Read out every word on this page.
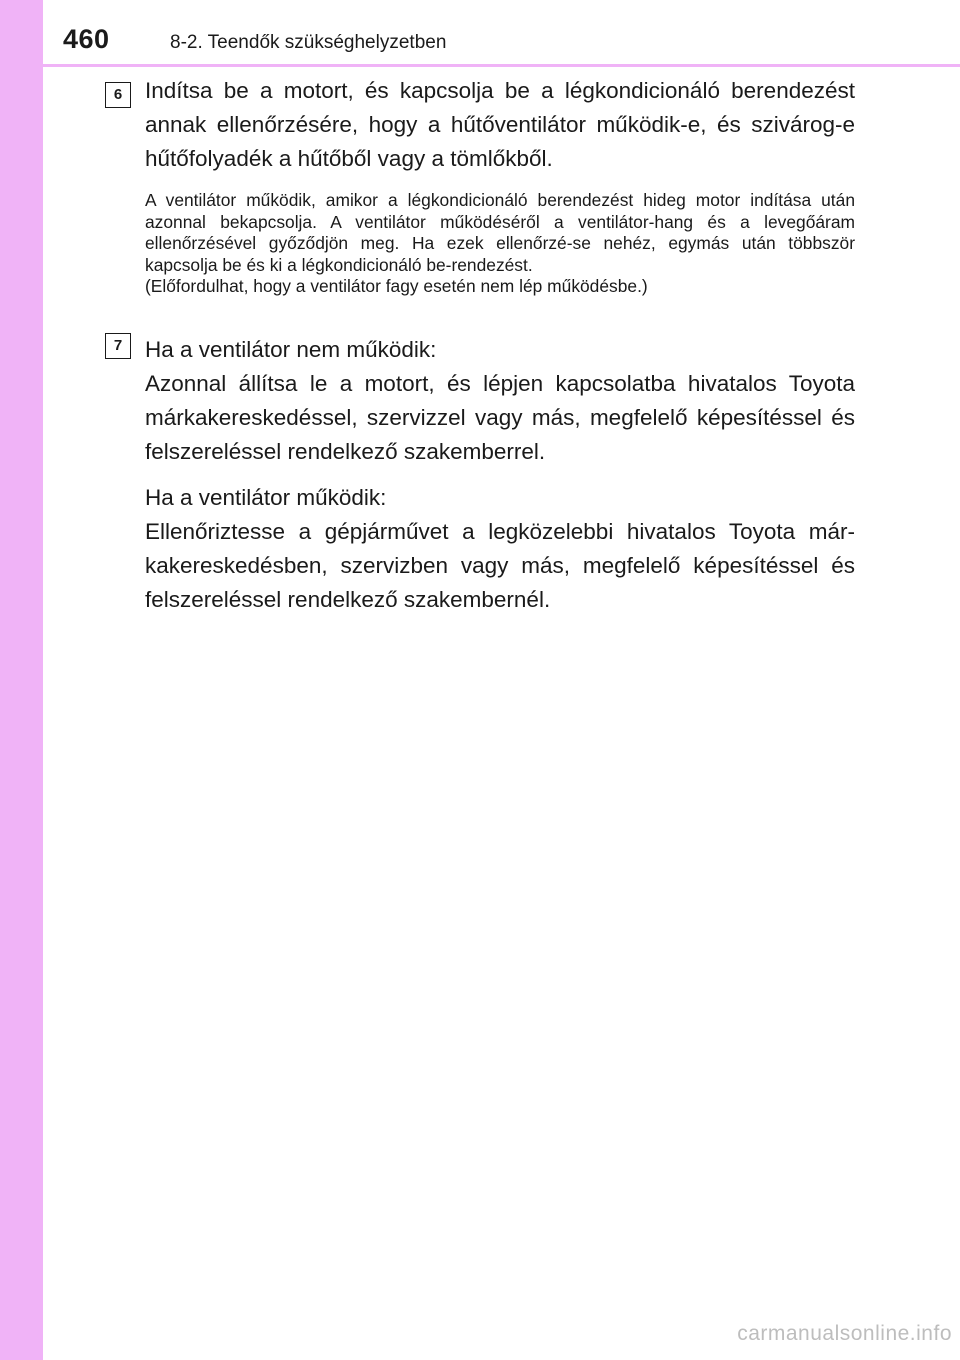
460	8-2. Teendők szükséghelyzetben
6	Indítsa be a motort, és kapcsolja be a légkondicionáló berendezést annak ellenőrzésére, hogy a hűtőventilátor működik-e, és szivárog-e hűtőfolyadék a hűtőből vagy a tömlőkből.

A ventilátor működik, amikor a légkondicionáló berendezést hideg motor indítása után azonnal bekapcsolja. A ventilátor működéséről a ventilátor-hang és a levegőáram ellenőrzésével győződjön meg. Ha ezek ellenőrzé-se nehéz, egymás után többször kapcsolja be és ki a légkondicionáló be-rendezést.

(Előfordulhat, hogy a ventilátor fagy esetén nem lép működésbe.)

7	Ha a ventilátor nem működik:

Azonnal állítsa le a motort, és lépjen kapcsolatba hivatalos Toyota márkakereskedéssel, szervizzel vagy más, megfelelő képesítéssel és felszereléssel rendelkező szakemberrel.

Ha a ventilátor működik:

Ellenőriztesse a gépjárművet a legközelebbi hivatalos Toyota már-kakereskedésben, szervizben vagy más, megfelelő képesítéssel és felszereléssel rendelkező szakembernél.

carmanualsonline.info
